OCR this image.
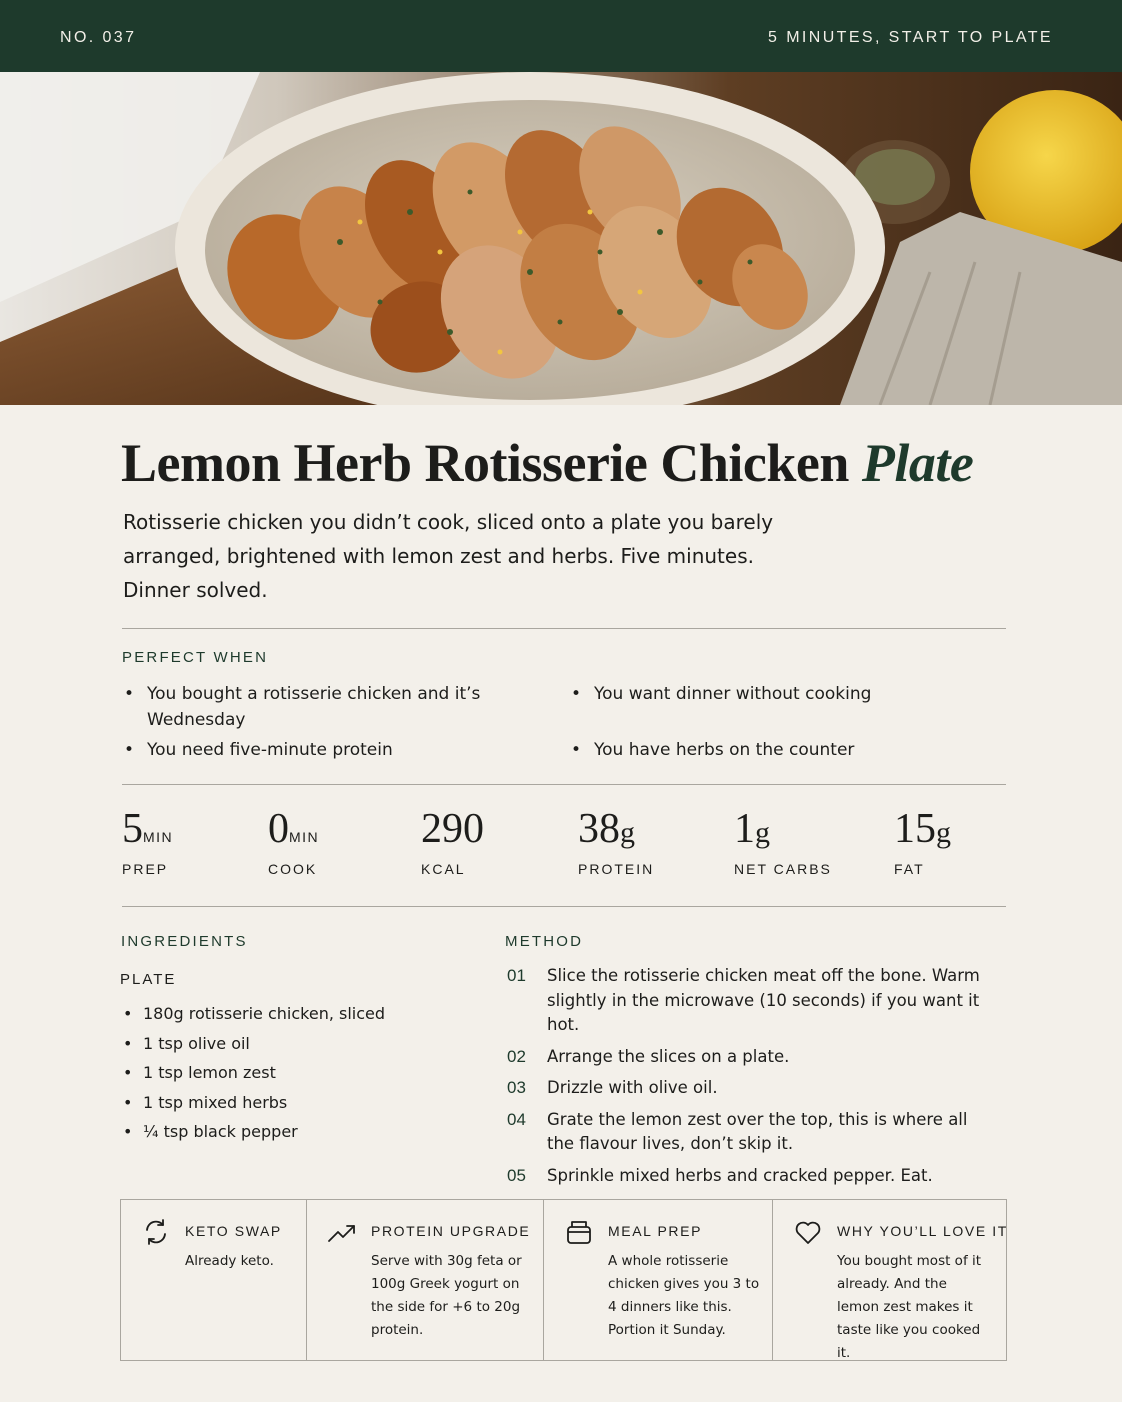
NO. 037	5 MINUTES, START TO PLATE
Lemon Herb Rotisserie Chicken Plate

Rotisserie chicken you didn’t cook, sliced onto a plate you barely arranged, brightened with lemon zest and herbs. Five minutes. Dinner solved.

PERFECT WHEN
• You bought a rotisserie chicken and it’s Wednesday
• You need five-minute protein
• You want dinner without cooking
• You have herbs on the counter
5MIN
PREP
0MIN
COOK
290
KCAL
38g
PROTEIN
1g
NET CARBS
15g
FAT
INGREDIENTS
PLATE
• 180g rotisserie chicken, sliced
• 1 tsp olive oil
• 1 tsp lemon zest
• 1 tsp mixed herbs
• ¼ tsp black pepper
METHOD
01 Slice the rotisserie chicken meat off the bone. Warm slightly in the microwave (10 seconds) if you want it hot.
02 Arrange the slices on a plate.
03 Drizzle with olive oil.
04 Grate the lemon zest over the top, this is where all the flavour lives, don’t skip it.
05 Sprinkle mixed herbs and cracked pepper. Eat.
KETO SWAP
Already keto.
PROTEIN UPGRADE
Serve with 30g feta or 100g Greek yogurt on the side for +6 to 20g protein.
MEAL PREP
A whole rotisserie chicken gives you 3 to 4 dinners like this. Portion it Sunday.
WHY YOU’LL LOVE IT
You bought most of it already. And the lemon zest makes it taste like you cooked it.
